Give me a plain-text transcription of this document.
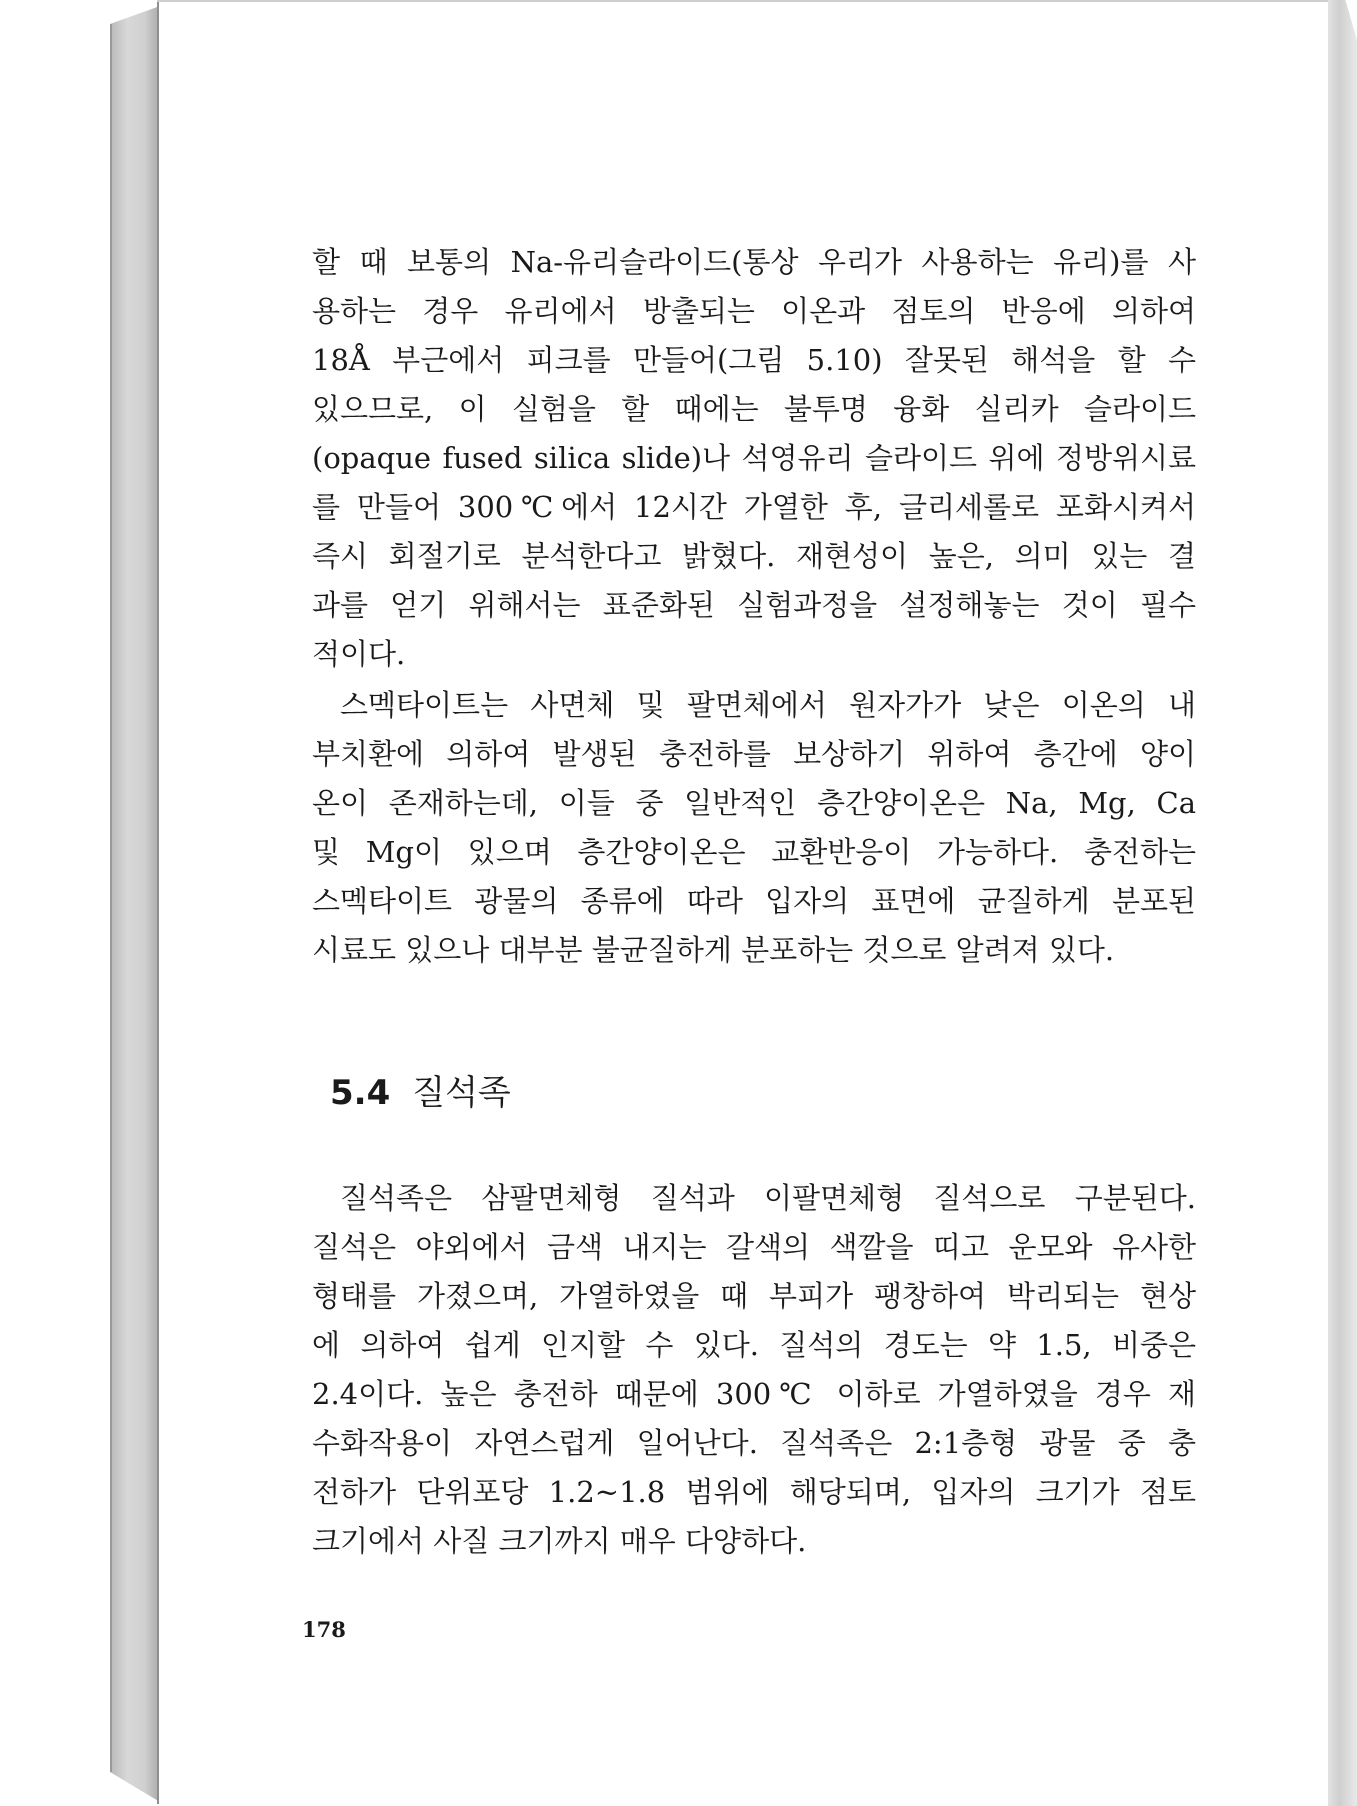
할 때 보통의 Na-유리슬라이드(통상 우리가 사용하는 유리)를 사
용하는 경우 유리에서 방출되는 이온과 점토의 반응에 의하여
18Å 부근에서 피크를 만들어(그림 5.10) 잘못된 해석을 할 수
있으므로, 이 실험을 할 때에는 불투명 융화 실리카 슬라이드
(opaque fused silica slide)나 석영유리 슬라이드 위에 정방위시료
를 만들어 300℃에서 12시간 가열한 후, 글리세롤로 포화시켜서
즉시 회절기로 분석한다고 밝혔다. 재현성이 높은, 의미 있는 결
과를 얻기 위해서는 표준화된 실험과정을 설정해놓는 것이 필수
적이다.

스멕타이트는 사면체 및 팔면체에서 원자가가 낮은 이온의 내
부치환에 의하여 발생된 충전하를 보상하기 위하여 층간에 양이
온이 존재하는데, 이들 중 일반적인 층간양이온은 Na, Mg, Ca
및 Mg이 있으며 층간양이온은 교환반응이 가능하다. 충전하는
스멕타이트 광물의 종류에 따라 입자의 표면에 균질하게 분포된
시료도 있으나 대부분 불균질하게 분포하는 것으로 알려져 있다.

5.4 질석족

질석족은 삼팔면체형 질석과 이팔면체형 질석으로 구분된다.
질석은 야외에서 금색 내지는 갈색의 색깔을 띠고 운모와 유사한
형태를 가졌으며, 가열하였을 때 부피가 팽창하여 박리되는 현상
에 의하여 쉽게 인지할 수 있다. 질석의 경도는 약 1.5, 비중은
2.4이다. 높은 충전하 때문에 300℃ 이하로 가열하였을 경우 재
수화작용이 자연스럽게 일어난다. 질석족은 2:1층형 광물 중 충
전하가 단위포당 1.2~1.8 범위에 해당되며, 입자의 크기가 점토
크기에서 사질 크기까지 매우 다양하다.

178
